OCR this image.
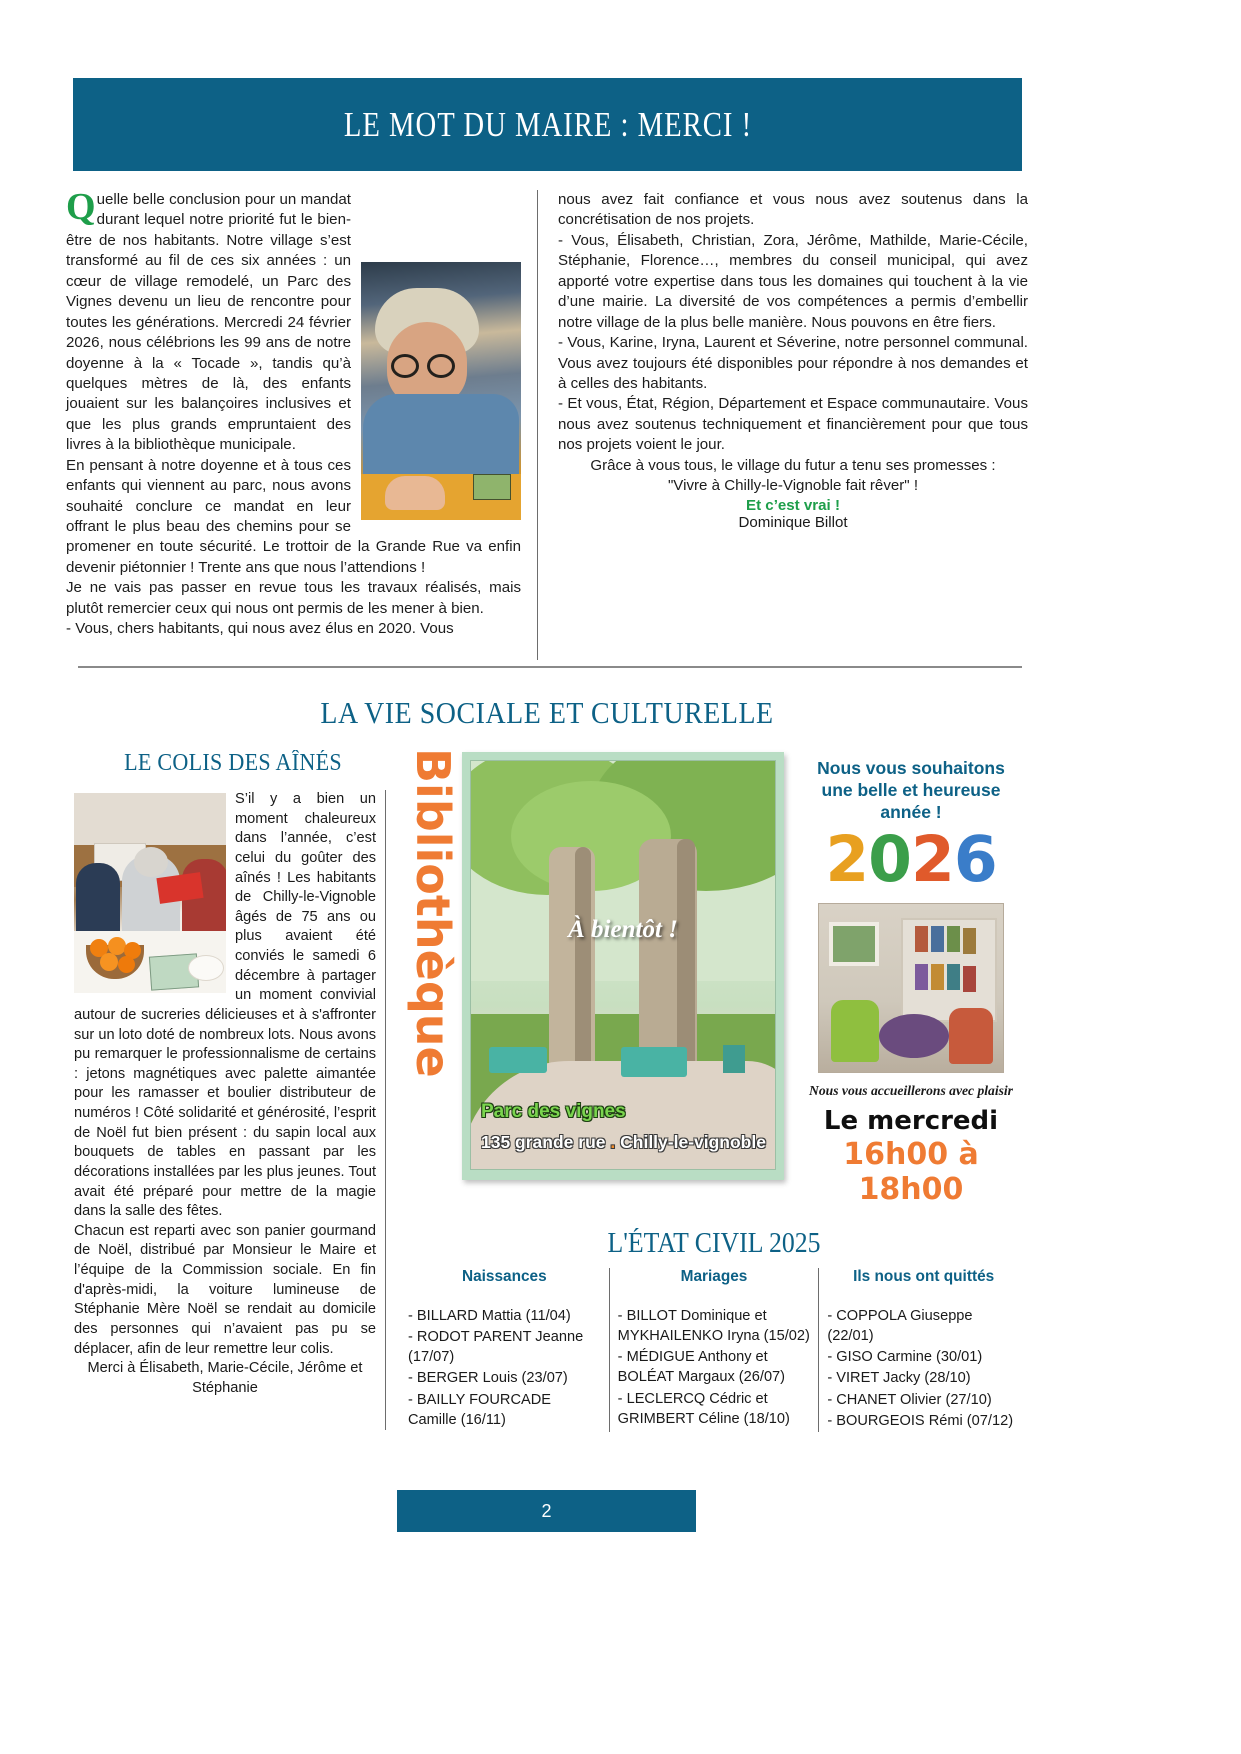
LE MOT DU MAIRE : MERCI !

Quelle belle conclusion pour un mandat durant lequel notre priorité fut le bien-être de nos habitants. Notre village s’est transformé au fil de ces six années : un cœur de village remodelé, un Parc des Vignes devenu un lieu de rencontre pour toutes les générations. Mercredi 24 février 2026, nous célébrions les 99 ans de notre doyenne à la « Tocade », tandis qu’à quelques mètres de là, des enfants jouaient sur les balançoires inclusives et que les plus grands empruntaient des livres à la bibliothèque municipale.

En pensant à notre doyenne et à tous ces enfants qui viennent au parc, nous avons souhaité conclure ce mandat en leur offrant le plus beau des chemins pour se promener en toute sécurité. Le trottoir de la Grande Rue va enfin devenir piétonnier ! Trente ans que nous l’attendions !

Je ne vais pas passer en revue tous les travaux réalisés, mais plutôt remercier ceux qui nous ont permis de les mener à bien.

- Vous, chers habitants, qui nous avez élus en 2020. Vous

nous avez fait confiance et vous nous avez soutenus dans la concrétisation de nos projets.

- Vous, Élisabeth, Christian, Zora, Jérôme, Mathilde, Marie-Cécile, Stéphanie, Florence…, membres du conseil municipal, qui avez apporté votre expertise dans tous les domaines qui touchent à la vie d’une mairie. La diversité de vos compétences a permis d’embellir notre village de la plus belle manière. Nous pouvons en être fiers.

- Vous, Karine, Iryna, Laurent et Séverine, notre personnel communal. Vous avez toujours été disponibles pour répondre à nos demandes et à celles des habitants.

- Et vous, État, Région, Département et Espace communautaire. Vous nous avez soutenus techniquement et financièrement pour que tous nos projets voient le jour.

Grâce à vous tous, le village du futur a tenu ses promesses :

"Vivre à Chilly-le-Vignoble fait rêver" !

Et c’est vrai !

Dominique Billot

LA VIE SOCIALE ET CULTURELLE
LE COLIS DES AÎNÉS

S’il y a bien un moment chaleureux dans l’année, c’est celui du goûter des aînés ! Les habitants de Chilly-le-Vignoble âgés de 75 ans ou plus avaient été conviés le samedi 6 décembre à partager un moment convivial autour de sucreries délicieuses et à s'affronter sur un loto doté de nombreux lots. Nous avons pu remarquer le professionnalisme de certains : jetons magnétiques avec palette aimantée pour les ramasser et boulier distributeur de numéros ! Côté solidarité et générosité, l’esprit de Noël fut bien présent : du sapin local aux bouquets de tables en passant par les décorations installées par les plus jeunes. Tout avait été préparé pour mettre de la magie dans la salle des fêtes.

Chacun est reparti avec son panier gourmand de Noël, distribué par Monsieur le Maire et l’équipe de la Commission sociale. En fin d'après-midi, la voiture lumineuse de Stéphanie Mère Noël se rendait au domicile des personnes qui n’avaient pas pu se déplacer, afin de leur remettre leur colis.

Merci à Élisabeth, Marie-Cécile, Jérôme et Stéphanie

Bibliothèque	À bientôt !
Parc des vignes
135 grande rue . Chilly-le-vignoble
Nous vous souhaitons
une belle et heureuse
année !
2026
Nous vous accueillerons avec plaisir
Le mercredi
16h00 à 18h00
L'ÉTAT CIVIL 2025
Naissances
- BILLARD Mattia (11/04)
- RODOT PARENT Jeanne (17/07)
- BERGER Louis (23/07)
- BAILLY FOURCADE Camille (16/11)
Mariages
- BILLOT Dominique et MYKHAILENKO Iryna (15/02)
- MÉDIGUE Anthony et BOLÉAT Margaux (26/07)
- LECLERCQ Cédric et GRIMBERT Céline (18/10)
Ils nous ont quittés
- COPPOLA Giuseppe (22/01)
- GISO Carmine (30/01)
- VIRET Jacky (28/10)
- CHANET Olivier (27/10)
- BOURGEOIS Rémi (07/12)
2
